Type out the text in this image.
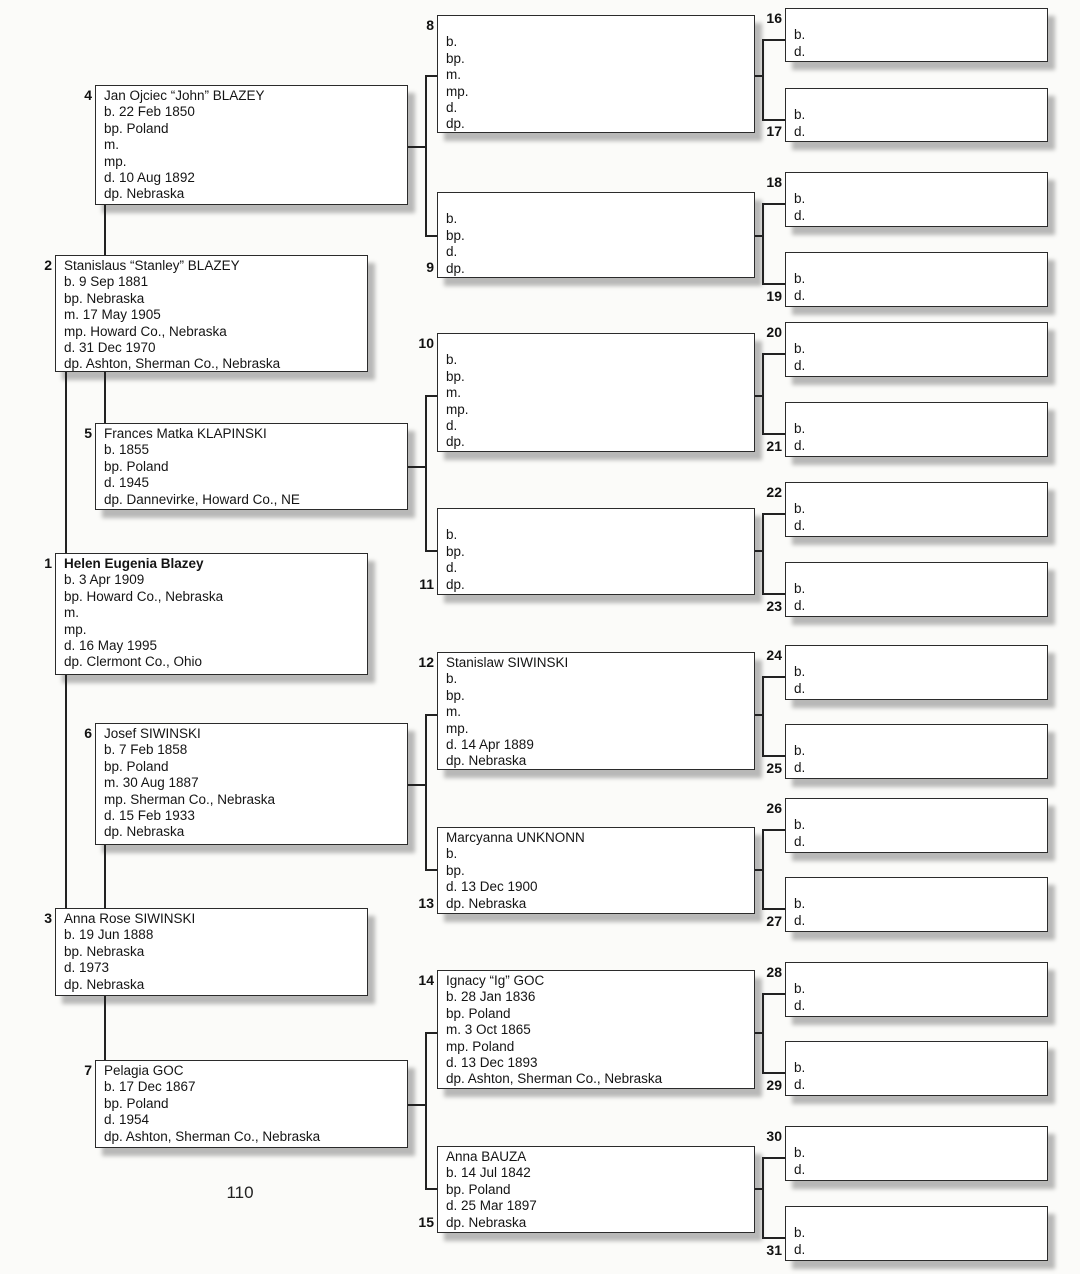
1 Helen Eugenia Blazey
b. 3 Apr 1909
bp. Howard Co., Nebraska
m.
mp.
d. 16 May 1995
dp. Clermont Co., Ohio
2 Stanislaus “Stanley” BLAZEY
b. 9 Sep 1881
bp. Nebraska
m. 17 May 1905
mp. Howard Co., Nebraska
d. 31 Dec 1970
dp. Ashton, Sherman Co., Nebraska
3 Anna Rose SIWINSKI
b. 19 Jun 1888
bp. Nebraska
d. 1973
dp. Nebraska
4 Jan Ojciec “John” BLAZEY
b. 22 Feb 1850
bp. Poland
m.
mp.
d. 10 Aug 1892
dp. Nebraska
5 Frances Matka KLAPINSKI
b. 1855
bp. Poland
d. 1945
dp. Dannevirke, Howard Co., NE
6 Josef SIWINSKI
b. 7 Feb 1858
bp. Poland
m. 30 Aug 1887
mp. Sherman Co., Nebraska
d. 15 Feb 1933
dp. Nebraska
7 Pelagia GOC
b. 17 Dec 1867
bp. Poland
d. 1954
dp. Ashton, Sherman Co., Nebraska
8

b.
bp.
m.
mp.
d.
dp.
9

b.
bp.
d.
dp.
10

b.
bp.
m.
mp.
d.
dp.
11

b.
bp.
d.
dp.
12 Stanislaw SIWINSKI
b.
bp.
m.
mp.
d. 14 Apr 1889
dp. Nebraska
13
Marcyanna UNKNONN
b.
bp.
d. 13 Dec 1900
dp. Nebraska
14 Ignacy “Ig” GOC
b. 28 Jan 1836
bp. Poland
m. 3 Oct 1865
mp. Poland
d. 13 Dec 1893
dp. Ashton, Sherman Co., Nebraska
15
Anna BAUZA
b. 14 Jul 1842
bp. Poland
d. 25 Mar 1897
dp. Nebraska
16

b.
d.
17

b.
d.
18

b.
d.
19

b.
d.
20

b.
d.
21

b.
d.
22

b.
d.
23

b.
d.
24

b.
d.
25

b.
d.
26

b.
d.
27

b.
d.
28

b.
d.
29

b.
d.
30

b.
d.
31

b.
d.
110
